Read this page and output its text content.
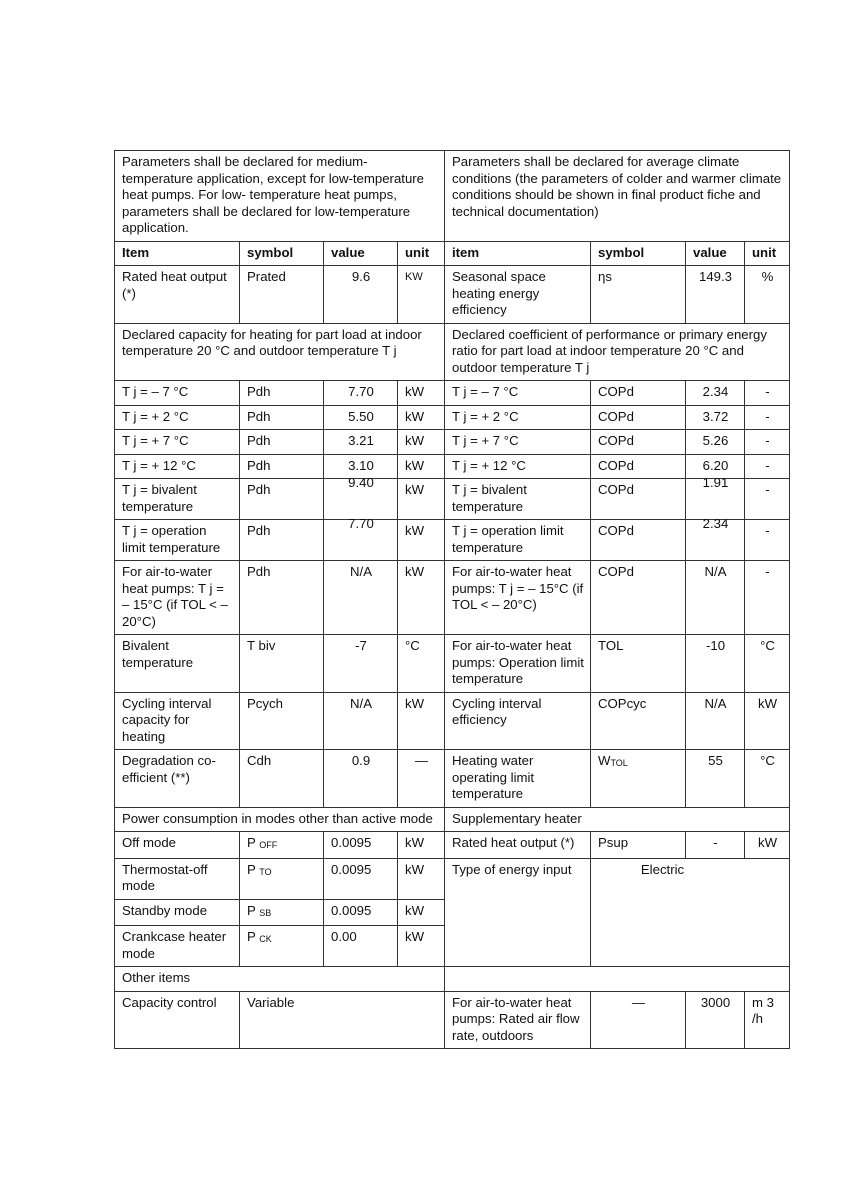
Parameters shall be declared for medium-temperature application, except for low-temperature heat pumps. For low- temperature heat pumps, parameters shall be declared for low-temperature application.				Parameters shall be declared for average climate conditions (the parameters of colder and warmer climate conditions should be shown in final product fiche and technical documentation)			
Item	symbol	value	unit	item	symbol	value	unit
Rated heat output (*)	Prated	9.6	KW	Seasonal space heating energy efficiency	ηs	149.3	%
Declared capacity for heating for part load at indoor temperature 20 °C and outdoor temperature T j				Declared coefficient of performance or primary energy ratio for part load at indoor temperature 20 °C and outdoor temperature T j			
T j = – 7 °C	Pdh	7.70	kW	T j = – 7 °C	COPd	2.34	-
T j = + 2 °C	Pdh	5.50	kW	T j = + 2 °C	COPd	3.72	-
T j = + 7 °C	Pdh	3.21	kW	T j = + 7 °C	COPd	5.26	-
T j = + 12 °C	Pdh	3.10	kW	T j = + 12 °C	COPd	6.20	-
T j = bivalent temperature	Pdh	9.40	kW	T j = bivalent temperature	COPd	1.91	-
T j = operation limit temperature	Pdh	7.70	kW	T j = operation limit temperature	COPd	2.34	-
For air-to-water heat pumps: T j = – 15°C (if TOL < – 20°C)	Pdh	N/A	kW	For air-to-water heat pumps: T j = – 15°C (if TOL < – 20°C)	COPd	N/A	-
Bivalent temperature	T biv	-7	°C	For air-to-water heat pumps: Operation limit temperature	TOL	-10	°C
Cycling interval capacity for heating	Pcych	N/A	kW	Cycling interval efficiency	COPcyc	N/A	kW
Degradation co-efficient (**)	Cdh	0.9	—	Heating water operating limit temperature	WTOL	55	°C
Power consumption in modes other than active mode				Supplementary heater			
Off mode	P OFF	0.0095	kW	Rated heat output (*)	Psup	-	kW
Thermostat-off mode	P TO	0.0095	kW	Type of energy input	Electric		
Standby mode	P SB	0.0095	kW				
Crankcase heater mode	P CK	0.00	kW				
Other items							
Capacity control	Variable			For air-to-water heat pumps: Rated air flow rate, outdoors	—	3000	m 3 /h
